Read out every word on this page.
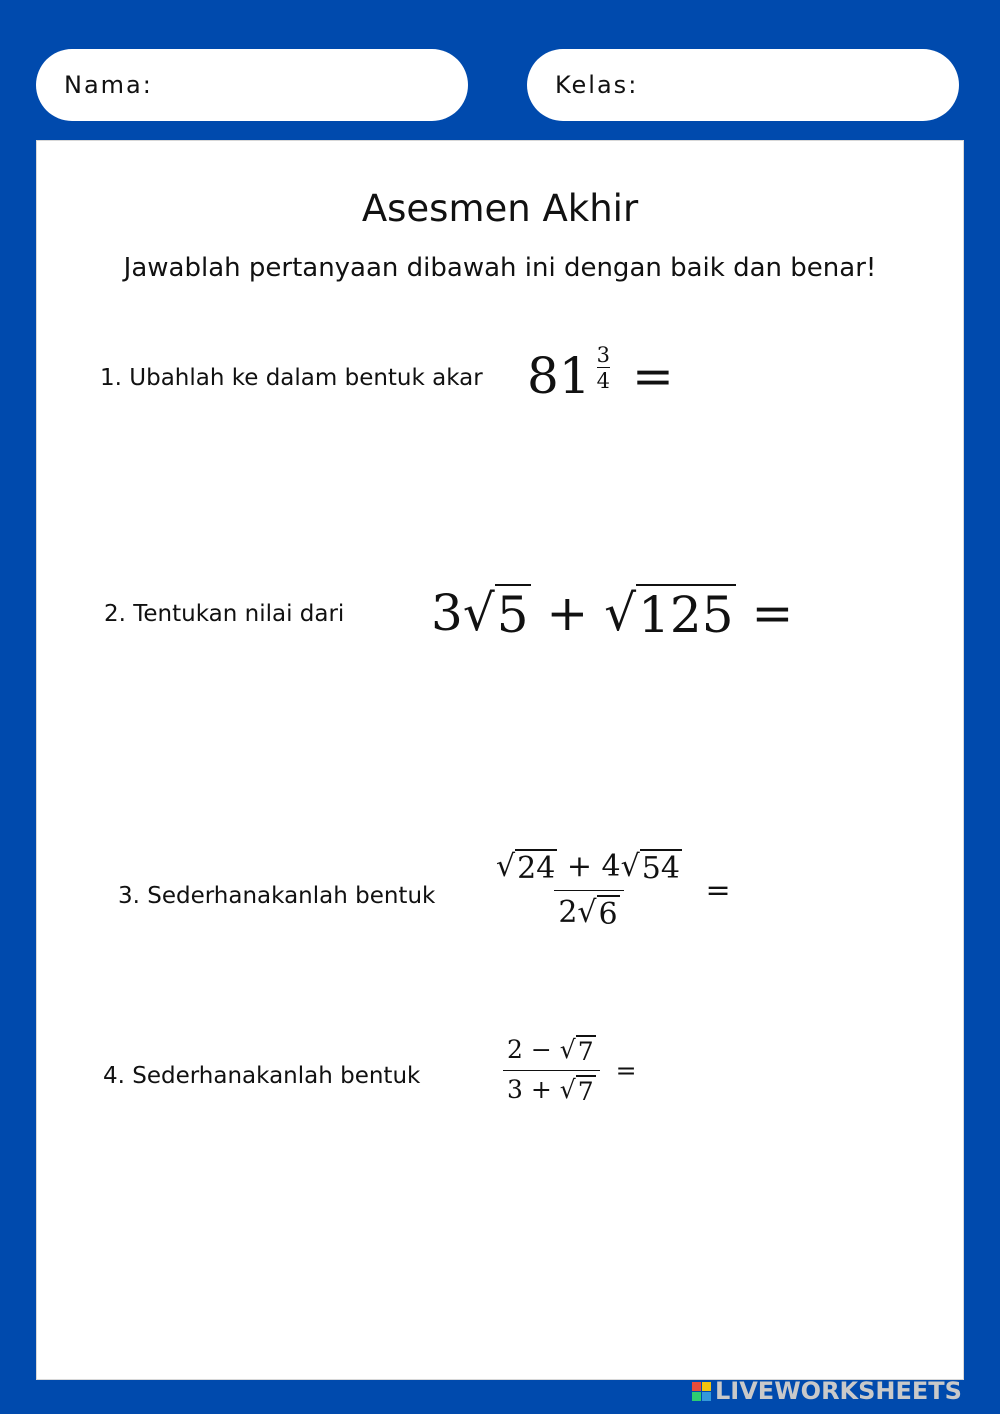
Nama:	Kelas:
Asesmen Akhir
Jawablah pertanyaan dibawah ini dengan baik dan benar!
1. Ubahlah ke dalam bentuk akar $81 \frac{3}{4}$ =
2. Tentukan nilai dari 3 √ 5 + √ 125 =
3. Sederhanakanlah bentuk $\frac{√ 24 + 4 √ 54}{2 √ 6}$ =
4. Sederhanakanlah bentuk	$\frac{2 - √ 7}{3 + √ 7}$ =
LIVEWORKSHEETS
